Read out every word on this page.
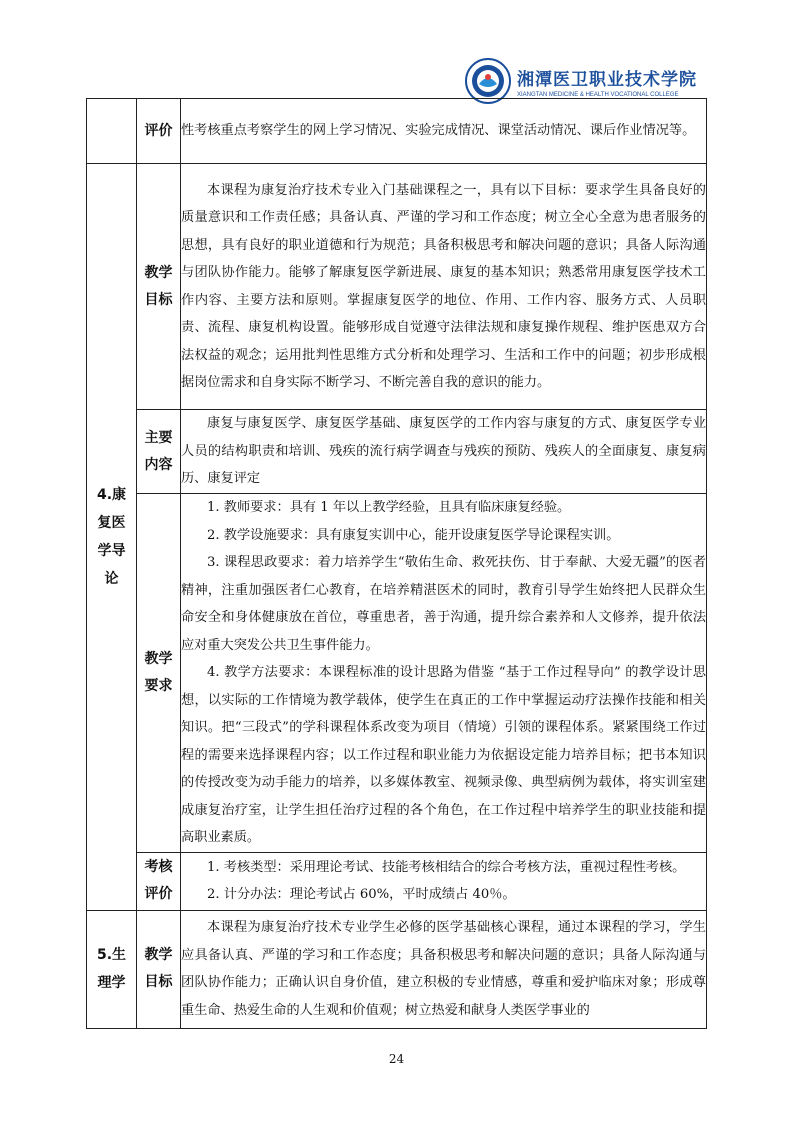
湘潭医卫职业技术学院
XIANGTAN MEDICINE & HEALTH VOCATIONAL COLLEGE
	评价	性考核重点考察学生的网上学习情况、实验完成情况、课堂活动情况、课后作业情况等。

4.康复医学导论	教学目标	本课程为康复治疗技术专业入门基础课程之一，具有以下目标：要求学生具备良好的质量意识和工作责任感；具备认真、严谨的学习和工作态度；树立全心全意为患者服务的思想，具有良好的职业道德和行为规范；具备积极思考和解决问题的意识；具备人际沟通与团队协作能力。能够了解康复医学新进展、康复的基本知识；熟悉常用康复医学技术工作内容、主要方法和原则。掌握康复医学的地位、作用、工作内容、服务方式、人员职责、流程、康复机构设置。能够形成自觉遵守法律法规和康复操作规程、维护医患双方合法权益的观念；运用批判性思维方式分析和处理学习、生活和工作中的问题；初步形成根据岗位需求和自身实际不断学习、不断完善自我的意识的能力。

	主要内容	康复与康复医学、康复医学基础、康复医学的工作内容与康复的方式、康复医学专业人员的结构职责和培训、残疾的流行病学调查与残疾的预防、残疾人的全面康复、康复病历、康复评定

	教学要求	1. 教师要求：具有 1 年以上教学经验，且具有临床康复经验。

2. 教学设施要求：具有康复实训中心，能开设康复医学导论课程实训。

3. 课程思政要求：着力培养学生“敬佑生命、救死扶伤、甘于奉献、大爱无疆”的医者精神，注重加强医者仁心教育，在培养精湛医术的同时，教育引导学生始终把人民群众生命安全和身体健康放在首位，尊重患者，善于沟通，提升综合素养和人文修养，提升依法应对重大突发公共卫生事件能力。

4. 教学方法要求：本课程标准的设计思路为借鉴 “基于工作过程导向” 的教学设计思想，以实际的工作情境为教学载体，使学生在真正的工作中掌握运动疗法操作技能和相关知识。把“三段式”的学科课程体系改变为项目（情境）引领的课程体系。紧紧围绕工作过程的需要来选择课程内容；以工作过程和职业能力为依据设定能力培养目标；把书本知识的传授改变为动手能力的培养，以多媒体教室、视频录像、典型病例为载体，将实训室建成康复治疗室，让学生担任治疗过程的各个角色，在工作过程中培养学生的职业技能和提高职业素质。

	考核评价	1. 考核类型：采用理论考试、技能考核相结合的综合考核方法，重视过程性考核。

2. 计分办法：理论考试占 60%，平时成绩占 40％。

5.生理学	教学目标	本课程为康复治疗技术专业学生必修的医学基础核心课程，通过本课程的学习，学生应具备认真、严谨的学习和工作态度；具备积极思考和解决问题的意识；具备人际沟通与团队协作能力；正确认识自身价值，建立积极的专业情感，尊重和爱护临床对象；形成尊重生命、热爱生命的人生观和价值观；树立热爱和献身人类医学事业的

24
